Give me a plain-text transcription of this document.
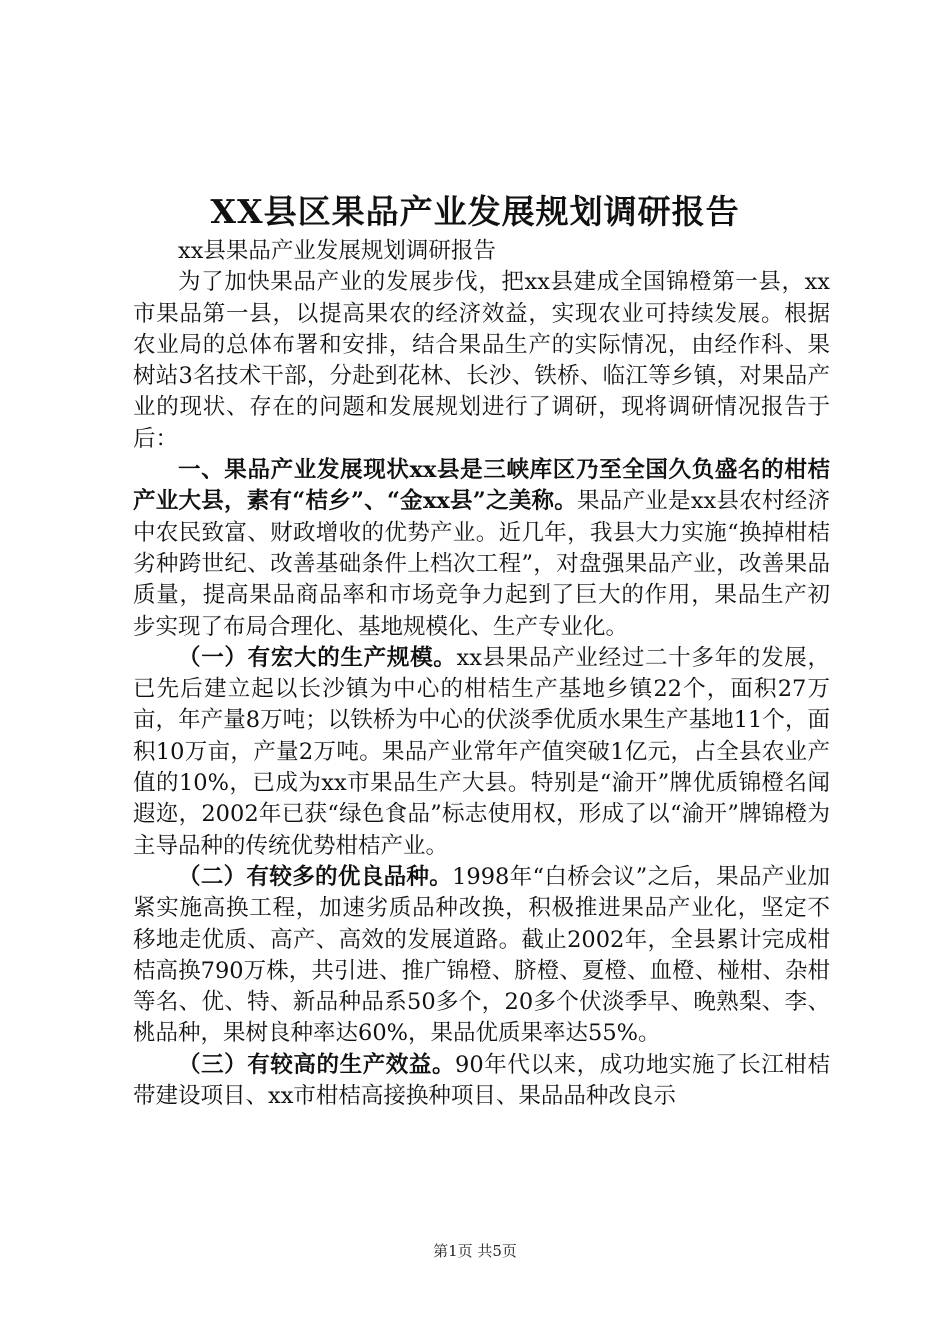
XX县区果品产业发展规划调研报告

xx县果品产业发展规划调研报告

为了加快果品产业的发展步伐，把xx县建成全国锦橙第一县，xx市果品第一县，以提高果农的经济效益，实现农业可持续发展。根据农业局的总体布署和安排，结合果品生产的实际情况，由经作科、果树站3名技术干部，分赴到花林、长沙、铁桥、临江等乡镇，对果品产业的现状、存在的问题和发展规划进行了调研，现将调研情况报告于后：

一、果品产业发展现状xx县是三峡库区乃至全国久负盛名的柑桔产业大县，素有“桔乡”、“金xx县”之美称。果品产业是xx县农村经济中农民致富、财政增收的优势产业。近几年，我县大力实施“换掉柑桔劣种跨世纪、改善基础条件上档次工程”，对盘强果品产业，改善果品质量，提高果品商品率和市场竞争力起到了巨大的作用，果品生产初步实现了布局合理化、基地规模化、生产专业化。

（一）有宏大的生产规模。xx县果品产业经过二十多年的发展，已先后建立起以长沙镇为中心的柑桔生产基地乡镇22个，面积27万亩，年产量8万吨；以铁桥为中心的伏淡季优质水果生产基地11个，面积10万亩，产量2万吨。果品产业常年产值突破1亿元，占全县农业产值的10%，已成为xx市果品生产大县。特别是“渝开”牌优质锦橙名闻遐迩，2002年已获“绿色食品”标志使用权，形成了以“渝开”牌锦橙为主导品种的传统优势柑桔产业。

（二）有较多的优良品种。1998年“白桥会议”之后，果品产业加紧实施高换工程，加速劣质品种改换，积极推进果品产业化，坚定不移地走优质、高产、高效的发展道路。截止2002年，全县累计完成柑桔高换790万株，共引进、推广锦橙、脐橙、夏橙、血橙、椪柑、杂柑等名、优、特、新品种品系50多个，20多个伏淡季早、晚熟梨、李、桃品种，果树良种率达60%，果品优质果率达55%。

（三）有较高的生产效益。90年代以来，成功地实施了长江柑桔带建设项目、xx市柑桔高接换种项目、果品品种改良示

第1页 共5页
